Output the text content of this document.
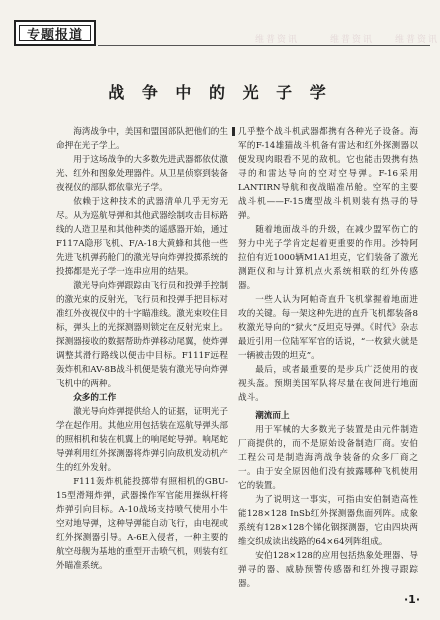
专题报道	维普资讯	维普资讯 维普资讯
战 争 中 的 光 子 学

海湾战争中，美国和盟国部队把他们的生命押在光子学上。

用于这场战争的大多数先进武器都依仗激光、红外和图象处理器件。从卫星侦察到装备夜视仪的部队都依靠光子学。

依赖于这种技术的武器清单几乎无穷无尽。从为巡航导弹和其他武器绘制攻击目标路线的人造卫星和其他种类的遥感器开始，通过F117A隐形飞机、F/A-18大黄蜂和其他一些先进飞机弹药舱门的激光导向炸弹投掷系统的投掷都是光子学一连串应用的结果。

激光导向炸弹跟踪由飞行员和投弹手控制的激光束的反射光，飞行员和投弹手把目标对准红外夜视仪中的十字瞄准线。激光束咬住目标，弹头上的光探测器则锁定在反射光束上。探测器接收的数据帮助炸弹移动尾翼，使炸弹调整其滑行路线以便击中目标。F111F远程轰炸机和AV-8B战斗机便是装有激光导向炸弹飞机中的两种。

众多的工作

激光导向炸弹提供给人的证据，证明光子学在起作用。其他应用包括装在巡航导弹头部的照相机和装在机翼上的响尾蛇导弹。响尾蛇导弹利用红外探测器将炸弹引向敌机发动机产生的红外发射。

F111轰炸机能投掷带有照相机的GBU-15型滑翔炸弹，武器操作军官能用操纵杆将炸弹引向目标。A-10战场支持喷气使用小牛空对地导弹，这种导弹能自动飞行，由电视或红外探测器引导。A-6E入侵者，一种主要的航空母舰为基地的重型开击喷气机，则装有红外瞄准系统。

几乎整个战斗机武器都携有各种光子设备。海军的F-14雄猫战斗机备有雷达和红外探测器以便发现肉眼看不见的敌机。它也能击毁携有热寻的和雷达导向的空对空导弹。F-16采用LANTIRN导航和夜战瞄准吊舱。空军的主要战斗机——F-15鹰型战斗机则装有热寻的导弹。

随着地面战斗的升级，在减少盟军伤亡的努力中光子学肯定起着更重要的作用。沙特阿拉伯有近1000辆M1A1坦克，它们装备了激光测距仪和与计算机点火系统相联的红外传感器。

一些人认为阿帕奇直升飞机掌握着地面进攻的关键。每一架这种先进的直升飞机都装备8枚激光导向的“狱火”反坦克导弹。《时代》杂志最近引用一位陆军军官的话说，“一枚狱火就是一辆被击毁的坦克”。

最后，或者最重要的是步兵广泛使用的夜视头盔。预期美国军队将尽量在夜间进行地面战斗。

潮流而上

用于军械的大多数光子装置是由元件制造厂商提供的，而不是原始设备制造厂商。安伯工程公司是制造海湾战争装备的众多厂商之一。由于安全原因他们没有披露哪种飞机使用它的装置。

为了说明这一事实，可指由安伯制造高性能128×128 InSb红外探测器焦面列阵。成象系统有128×128个锑化铟探测器，它由四块两维交织成读出线路的64×64列阵组成。

安伯128×128的应用包括热象处理器、导弹寻的器、威胁预警传感器和红外搜寻跟踪器。

·1·
